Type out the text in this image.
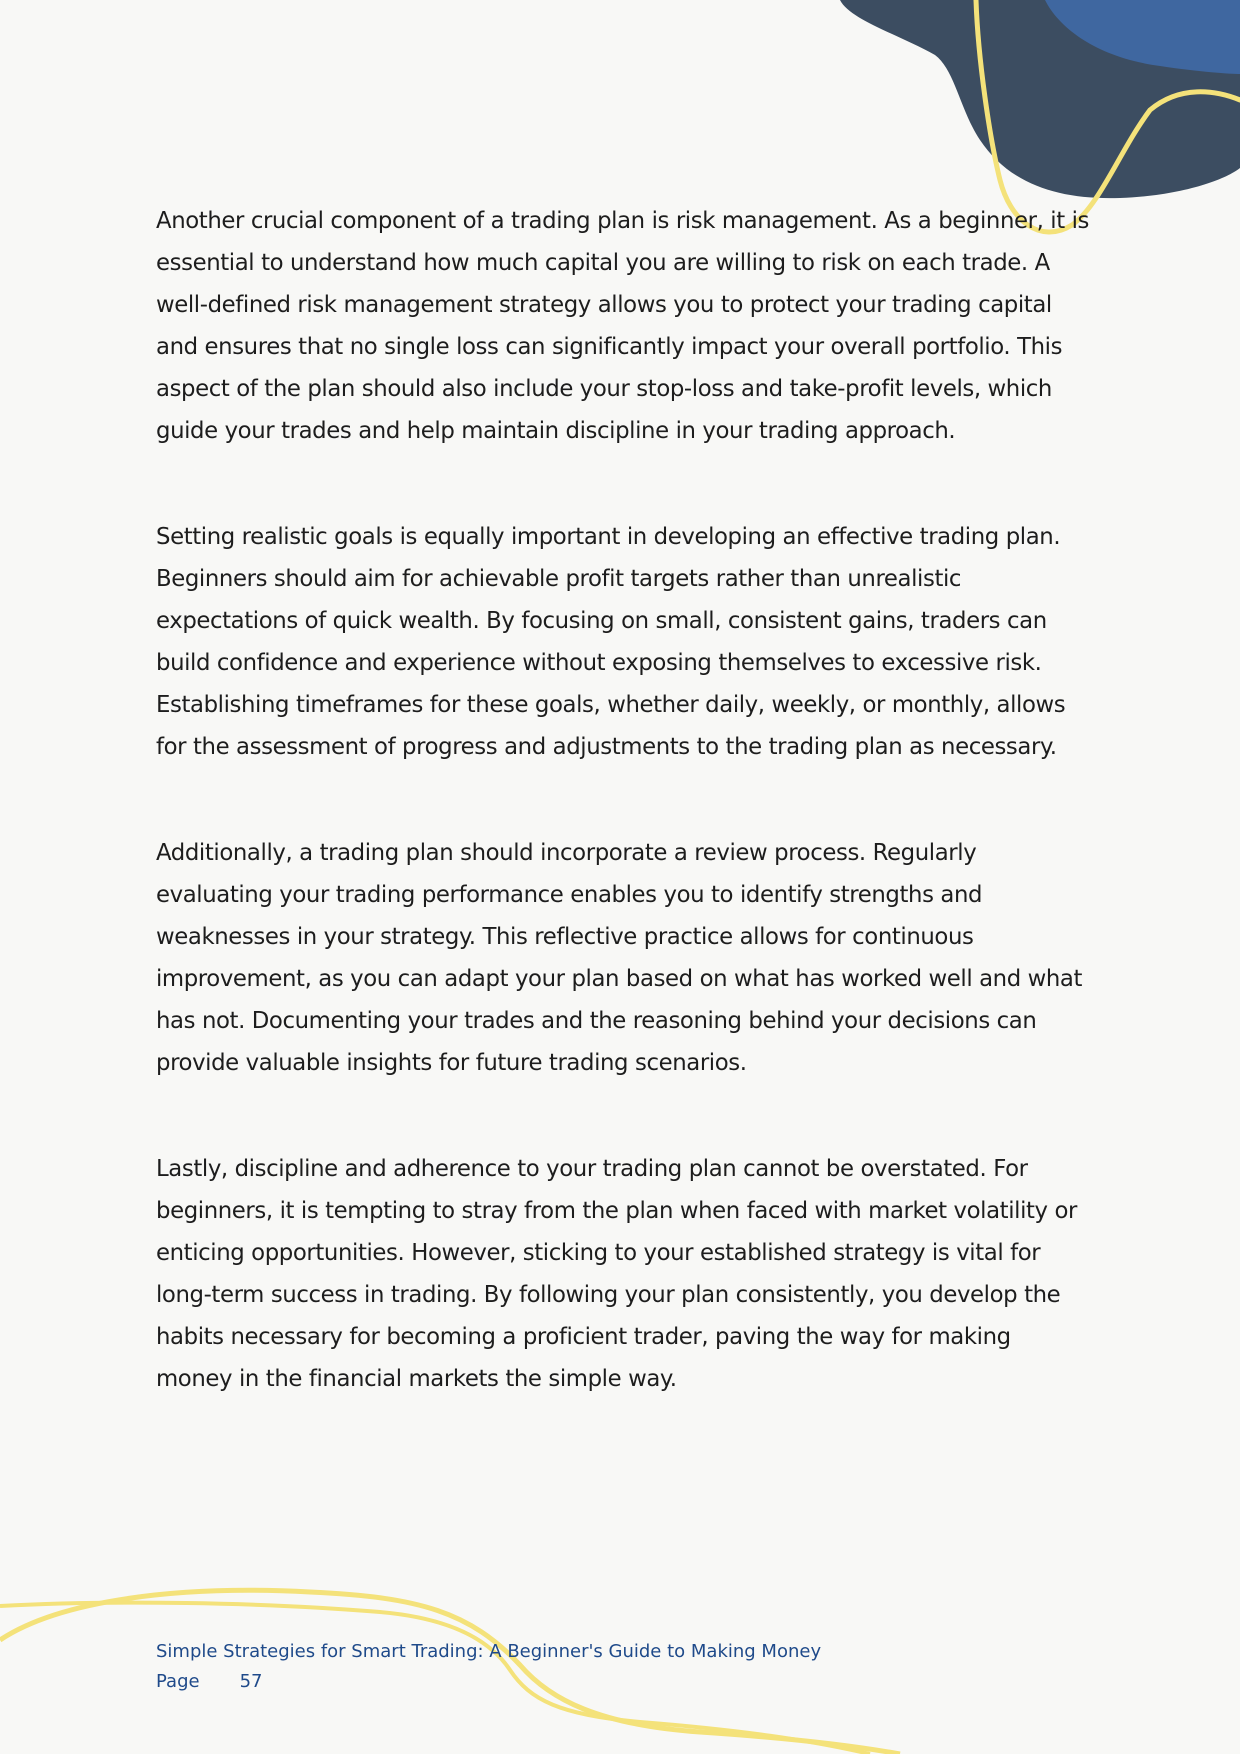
Another crucial component of a trading plan is risk management. As a beginner, it is essential to understand how much capital you are willing to risk on each trade. A well-defined risk management strategy allows you to protect your trading capital and ensures that no single loss can significantly impact your overall portfolio. This aspect of the plan should also include your stop-loss and take-profit levels, which guide your trades and help maintain discipline in your trading approach.

Setting realistic goals is equally important in developing an effective trading plan. Beginners should aim for achievable profit targets rather than unrealistic expectations of quick wealth. By focusing on small, consistent gains, traders can build confidence and experience without exposing themselves to excessive risk. Establishing timeframes for these goals, whether daily, weekly, or monthly, allows for the assessment of progress and adjustments to the trading plan as necessary.

Additionally, a trading plan should incorporate a review process. Regularly evaluating your trading performance enables you to identify strengths and weaknesses in your strategy. This reflective practice allows for continuous improvement, as you can adapt your plan based on what has worked well and what has not. Documenting your trades and the reasoning behind your decisions can provide valuable insights for future trading scenarios.

Lastly, discipline and adherence to your trading plan cannot be overstated. For beginners, it is tempting to stray from the plan when faced with market volatility or enticing opportunities. However, sticking to your established strategy is vital for long-term success in trading. By following your plan consistently, you develop the habits necessary for becoming a proficient trader, paving the way for making money in the financial markets the simple way.

Simple Strategies for Smart Trading: A Beginner's Guide to Making Money
Page 57
